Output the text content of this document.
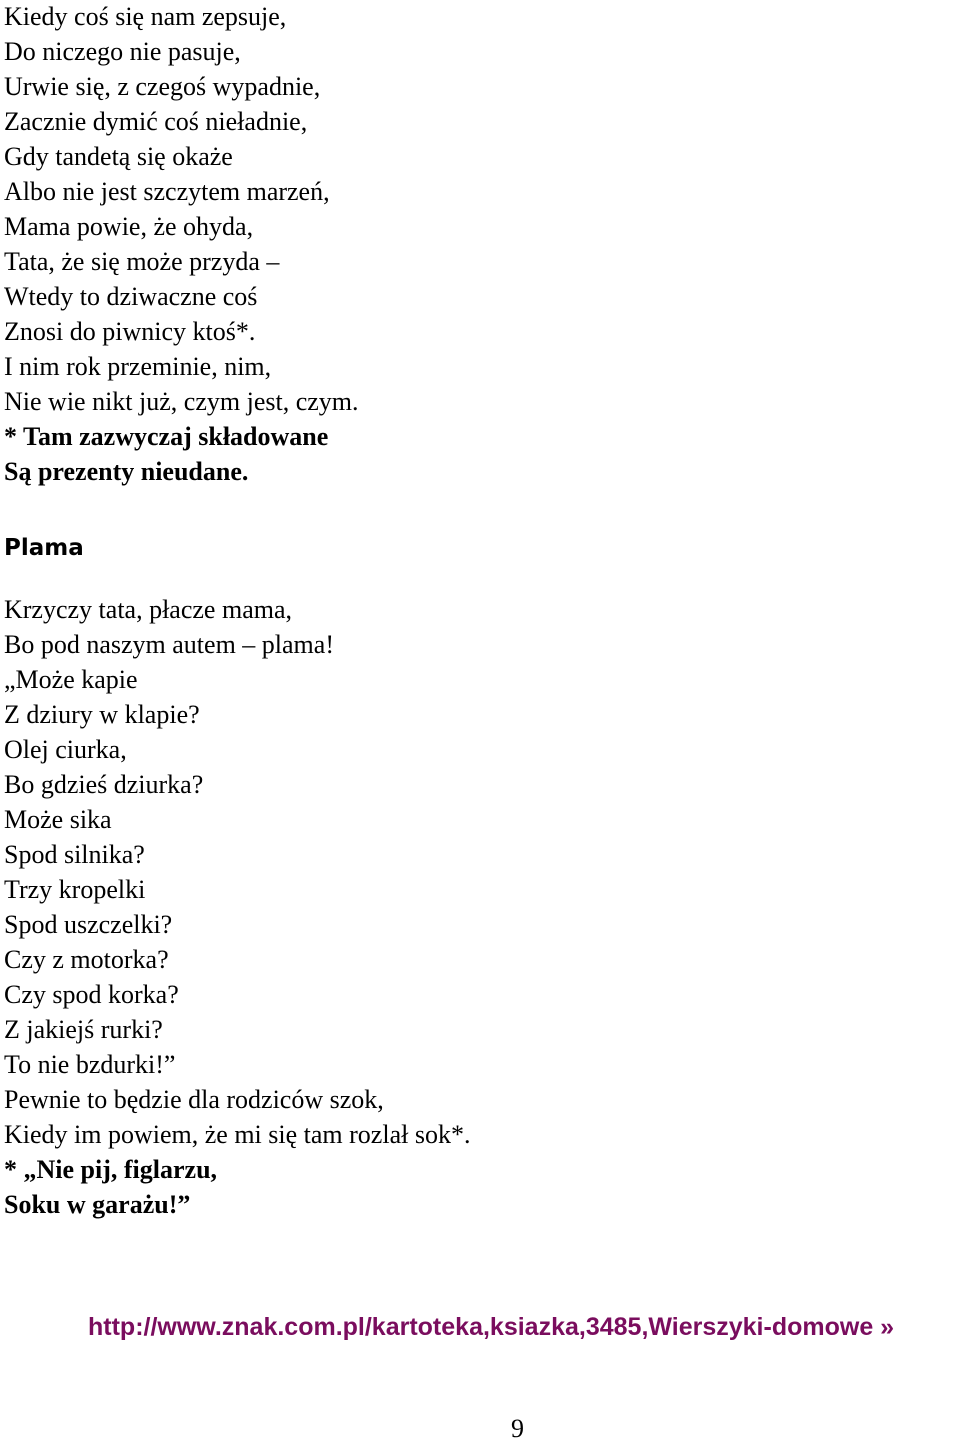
Kiedy coś się nam zepsuje,
Do niczego nie pasuje,
Urwie się, z czegoś wypadnie,
Zacznie dymić coś nieładnie,
Gdy tandetą się okaże
Albo nie jest szczytem marzeń,
Mama powie, że ohyda,
Tata, że się może przyda –
Wtedy to dziwaczne coś
Znosi do piwnicy ktoś*.
I nim rok przeminie, nim,
Nie wie nikt już, czym jest, czym.
* Tam zazwyczaj składowane
Są prezenty nieudane.
Plama
Krzyczy tata, płacze mama,
Bo pod naszym autem – plama!
„Może kapie
Z dziury w klapie?
Olej ciurka,
Bo gdzieś dziurka?
Może sika
Spod silnika?
Trzy kropelki
Spod uszczelki?
Czy z motorka?
Czy spod korka?
Z jakiejś rurki?
To nie bzdurki!”
Pewnie to będzie dla rodziców szok,
Kiedy im powiem, że mi się tam rozlał sok*.
* „Nie pij, figlarzu,
Soku w garażu!”
http://www.znak.com.pl/kartoteka,ksiazka,3485,Wierszyki-domowe »
9
